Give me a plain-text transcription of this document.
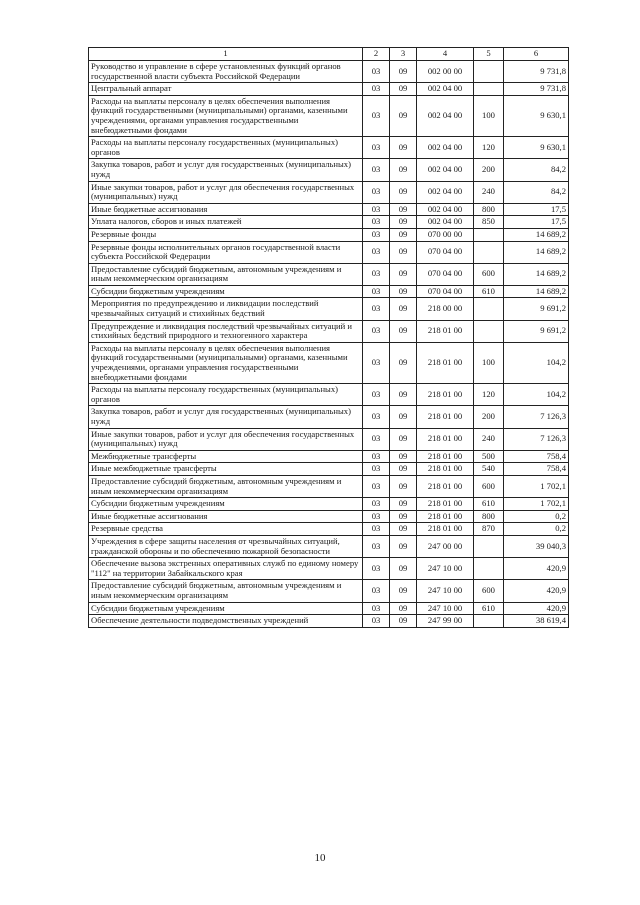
1	2	3	4	5	6
Руководство и управление в сфере установленных функций органов государственной власти субъекта Российской Федерации	03	09	002 00 00		9 731,8
Центральный аппарат	03	09	002 04 00		9 731,8
Расходы на выплаты персоналу в целях обеспечения выполнения функций государственными (муниципальными) органами, казенными учреждениями, органами управления государственными внебюджетными фондами	03	09	002 04 00	100	9 630,1
Расходы на выплаты персоналу государственных (муниципальных) органов	03	09	002 04 00	120	9 630,1
Закупка товаров, работ и услуг для государственных (муниципальных) нужд	03	09	002 04 00	200	84,2
Иные закупки товаров, работ и услуг для обеспечения государственных (муниципальных) нужд	03	09	002 04 00	240	84,2
Иные бюджетные ассигнования	03	09	002 04 00	800	17,5
Уплата налогов, сборов и иных платежей	03	09	002 04 00	850	17,5
Резервные фонды	03	09	070 00 00		14 689,2
Резервные фонды исполнительных органов государственной власти субъекта Российской Федерации	03	09	070 04 00		14 689,2
Предоставление субсидий бюджетным, автономным учреждениям и иным некоммерческим организациям	03	09	070 04 00	600	14 689,2
Субсидии бюджетным учреждениям	03	09	070 04 00	610	14 689,2
Мероприятия по предупреждению и ликвидации последствий чрезвычайных ситуаций и стихийных бедствий	03	09	218 00 00		9 691,2
Предупреждение и ликвидация последствий чрезвычайных ситуаций и стихийных бедствий природного и техногенного характера	03	09	218 01 00		9 691,2
Расходы на выплаты персоналу в целях обеспечения выполнения функций государственными (муниципальными) органами, казенными учреждениями, органами управления государственными внебюджетными фондами	03	09	218 01 00	100	104,2
Расходы на выплаты персоналу государственных (муниципальных) органов	03	09	218 01 00	120	104,2
Закупка товаров, работ и услуг для государственных (муниципальных) нужд	03	09	218 01 00	200	7 126,3
Иные закупки товаров, работ и услуг для обеспечения государственных (муниципальных) нужд	03	09	218 01 00	240	7 126,3
Межбюджетные трансферты	03	09	218 01 00	500	758,4
Иные межбюджетные трансферты	03	09	218 01 00	540	758,4
Предоставление субсидий бюджетным, автономным учреждениям и иным некоммерческим организациям	03	09	218 01 00	600	1 702,1
Субсидии бюджетным учреждениям	03	09	218 01 00	610	1 702,1
Иные бюджетные ассигнования	03	09	218 01 00	800	0,2
Резервные средства	03	09	218 01 00	870	0,2
Учреждения в сфере защиты населения от чрезвычайных ситуаций, гражданской обороны и по обеспечению пожарной безопасности	03	09	247 00 00		39 040,3
Обеспечение вызова экстренных оперативных служб по единому номеру "112" на территории Забайкальского края	03	09	247 10 00		420,9
Предоставление субсидий бюджетным, автономным учреждениям и иным некоммерческим организациям	03	09	247 10 00	600	420,9
Субсидии бюджетным учреждениям	03	09	247 10 00	610	420,9
Обеспечение деятельности подведомственных учреждений	03	09	247 99 00		38 619,4
10
